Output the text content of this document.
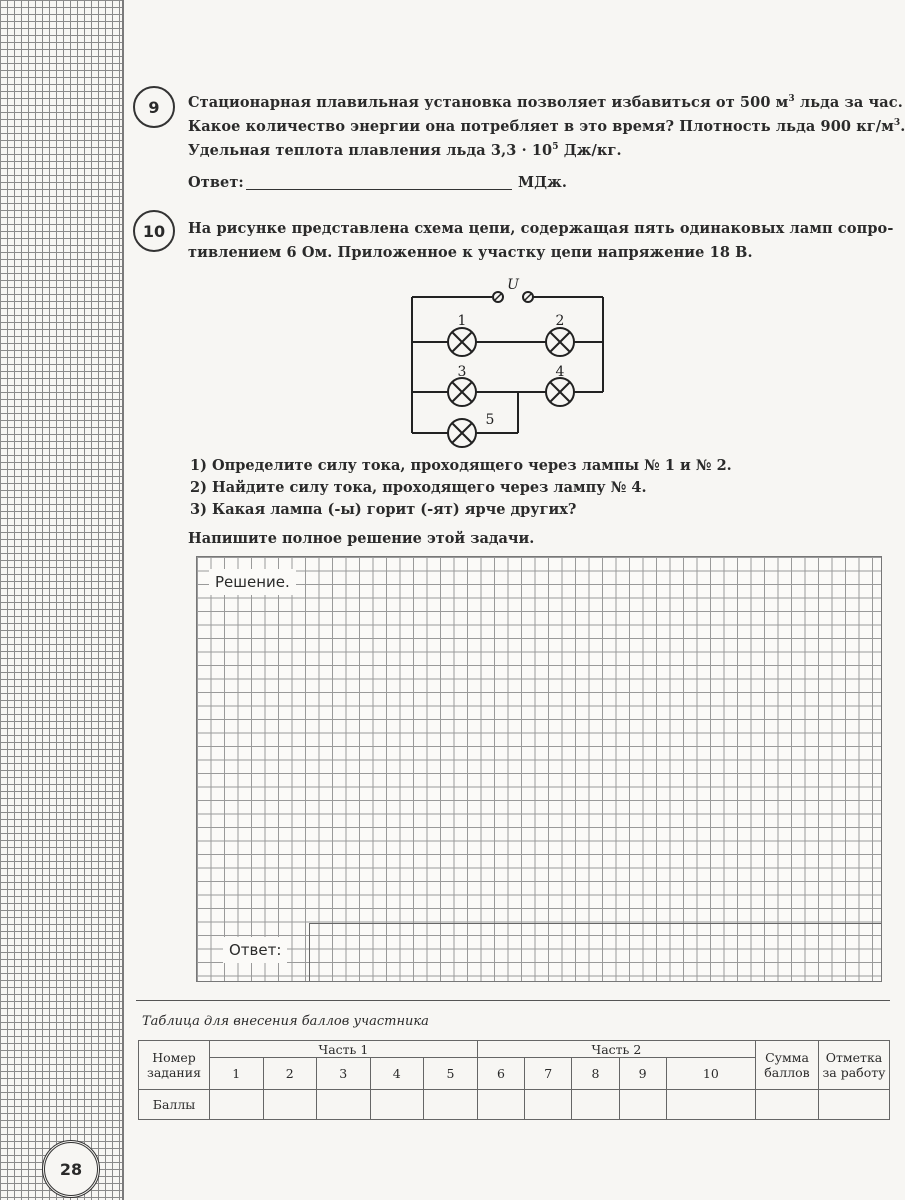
9 Стационарная плавильная установка позволяет избавиться от 500 $м^3$ льда за час.
Какое количество энергии она потребляет в это время? Плотность льда 900 $кг/м^3$.
Удельная теплота плавления льда $3,3 \cdot 10^5$ Дж/кг.
Ответ:	МДж.
10 На рисунке представлена схема цепи, содержащая пять одинаковых ламп сопро-
тивлением 6 Ом. Приложенное к участку цепи напряжение 18 В.
U
1	2
3	4
5
1) Определите силу тока, проходящего через лампы № 1 и № 2.
2) Найдите силу тока, проходящего через лампу № 4.
3) Какая лампа (-ы) горит (-ят) ярче других?
Напишите полное решение этой задачи.
Решение.
Ответ:
Таблица для внесения баллов участника
Номер задания	Часть 1					Часть 2					Сумма баллов	Отметка за работу
	1	2	3	4	5	6	7	8	9	10		
Баллы												
28
